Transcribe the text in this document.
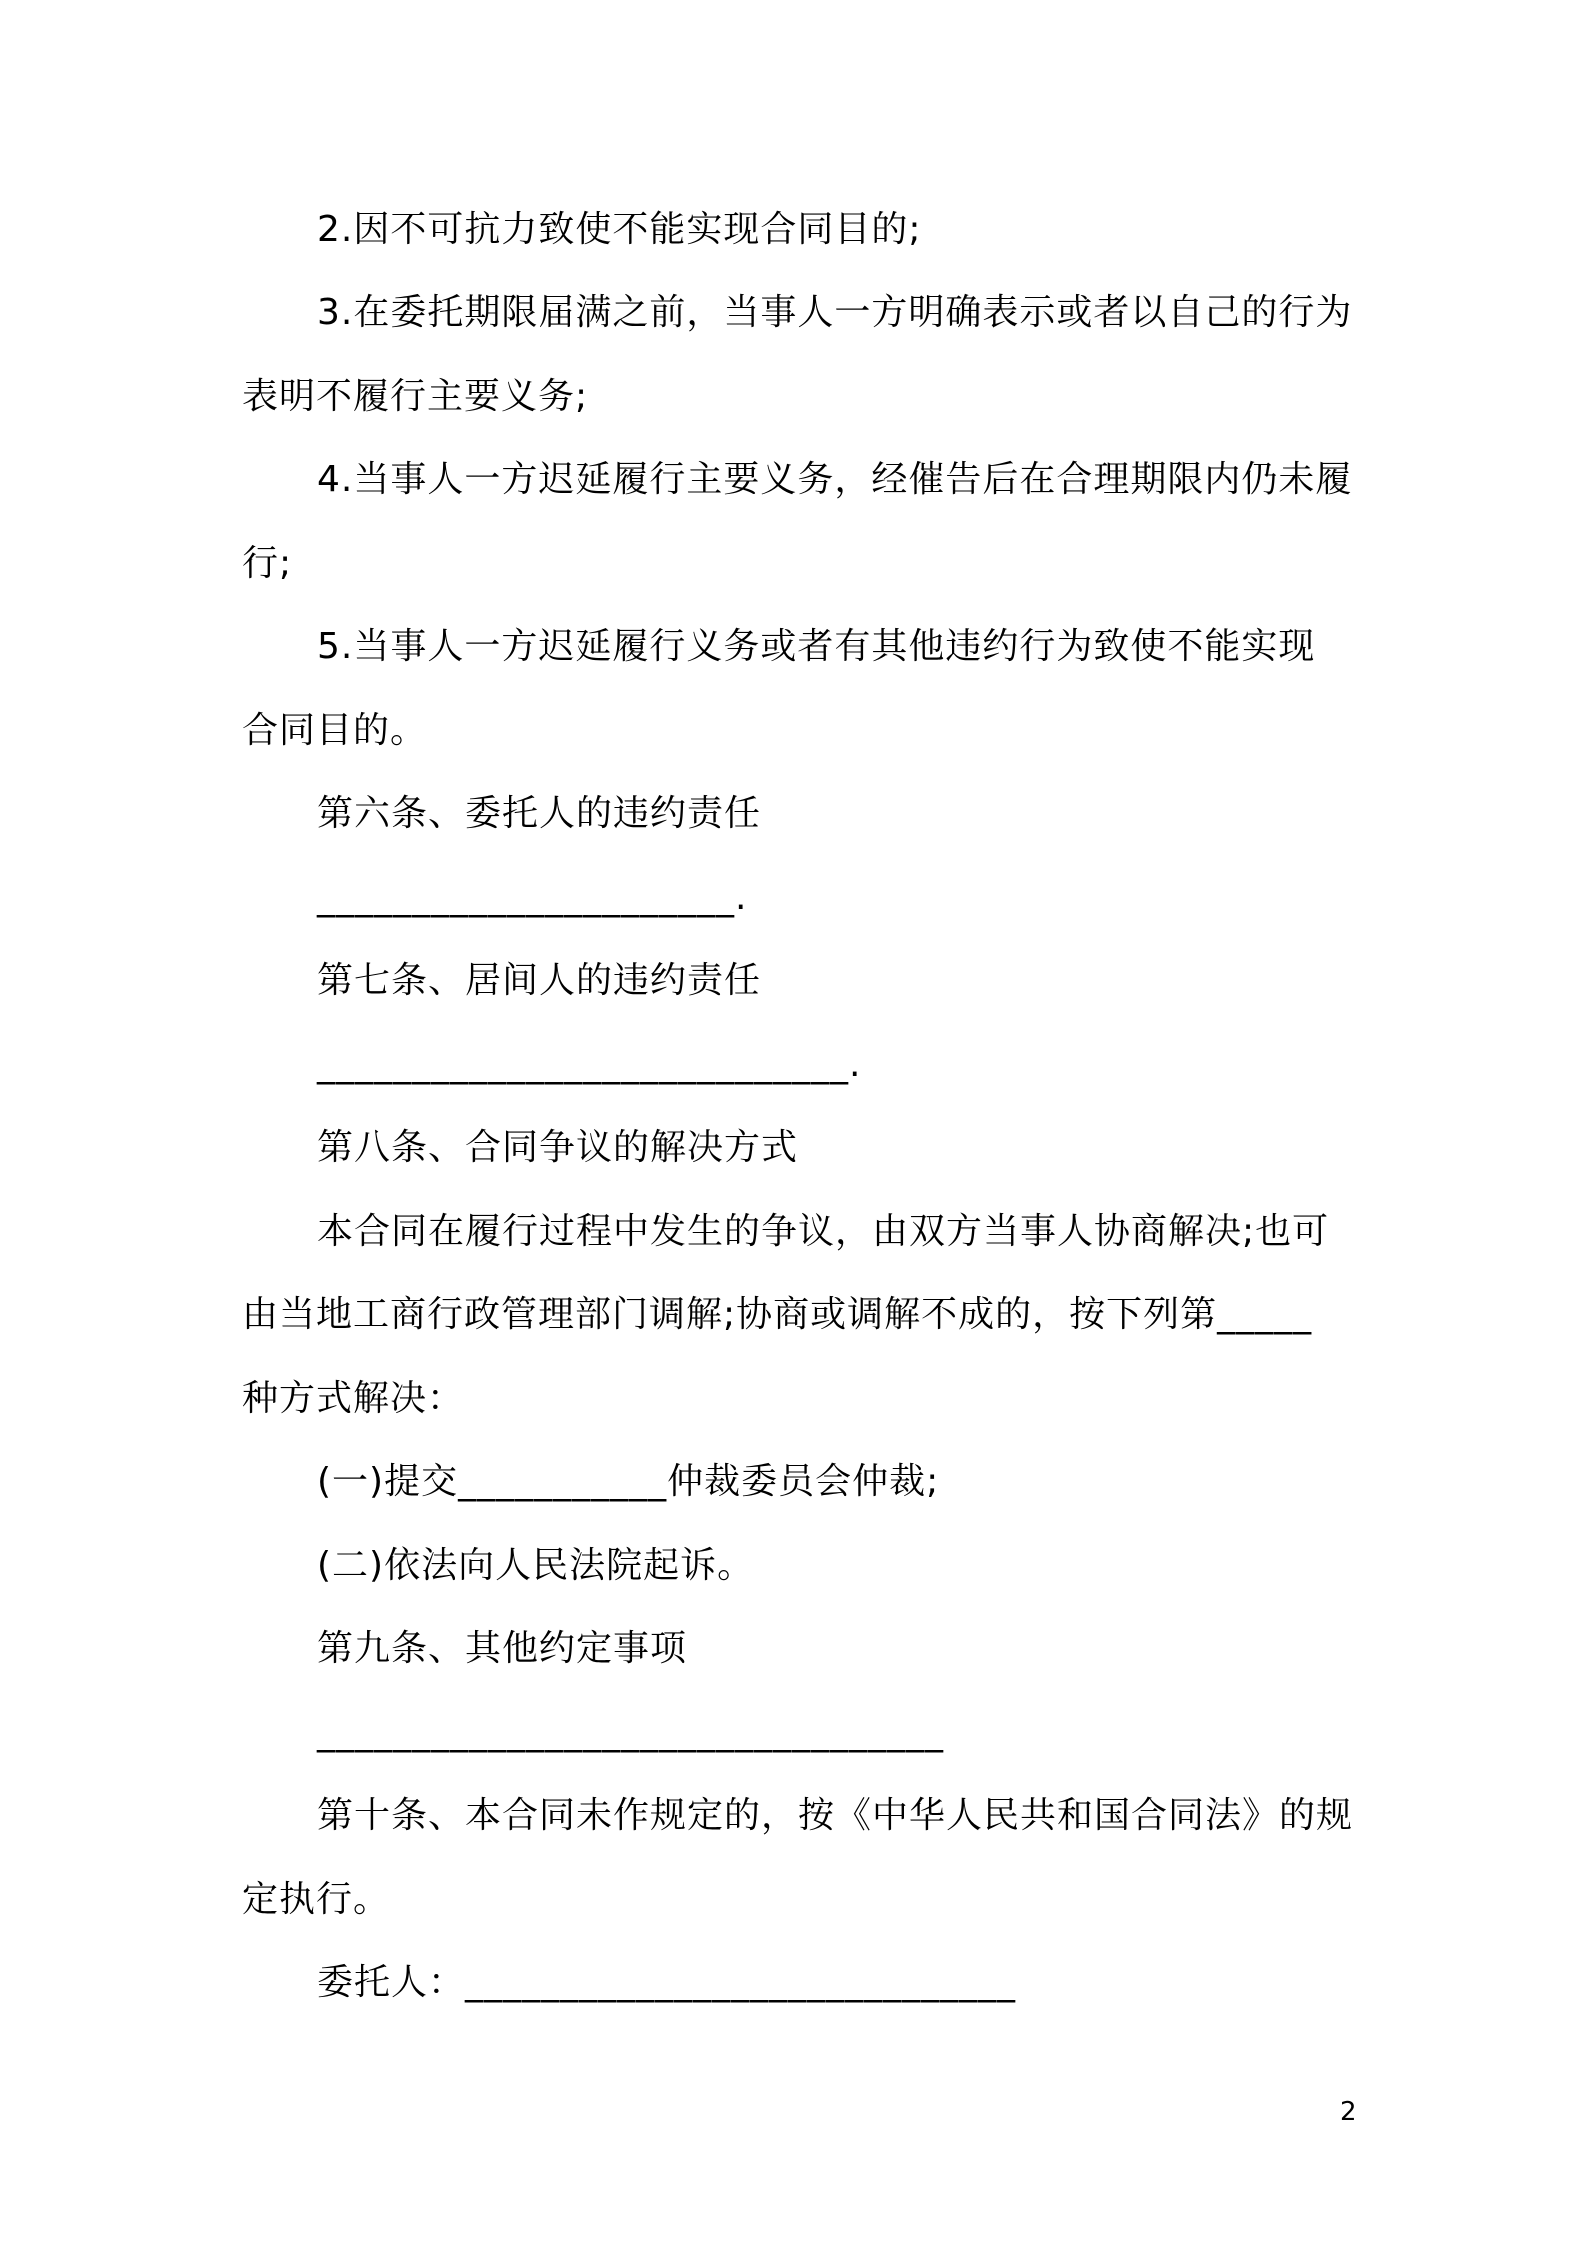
2.因不可抗力致使不能实现合同目的;
3.在委托期限届满之前，当事人一方明确表示或者以自己的行为
表明不履行主要义务;
4.当事人一方迟延履行主要义务，经催告后在合理期限内仍未履
行;
5.当事人一方迟延履行义务或者有其他违约行为致使不能实现
合同目的。
第六条、委托人的违约责任
______________________.
第七条、居间人的违约责任
____________________________.
第八条、合同争议的解决方式
本合同在履行过程中发生的争议，由双方当事人协商解决;也可
由当地工商行政管理部门调解;协商或调解不成的，按下列第_____
种方式解决：
(一)提交___________仲裁委员会仲裁;
(二)依法向人民法院起诉。
第九条、其他约定事项
_________________________________
第十条、本合同未作规定的，按《中华人民共和国合同法》的规
定执行。
委托人：_____________________________
2
